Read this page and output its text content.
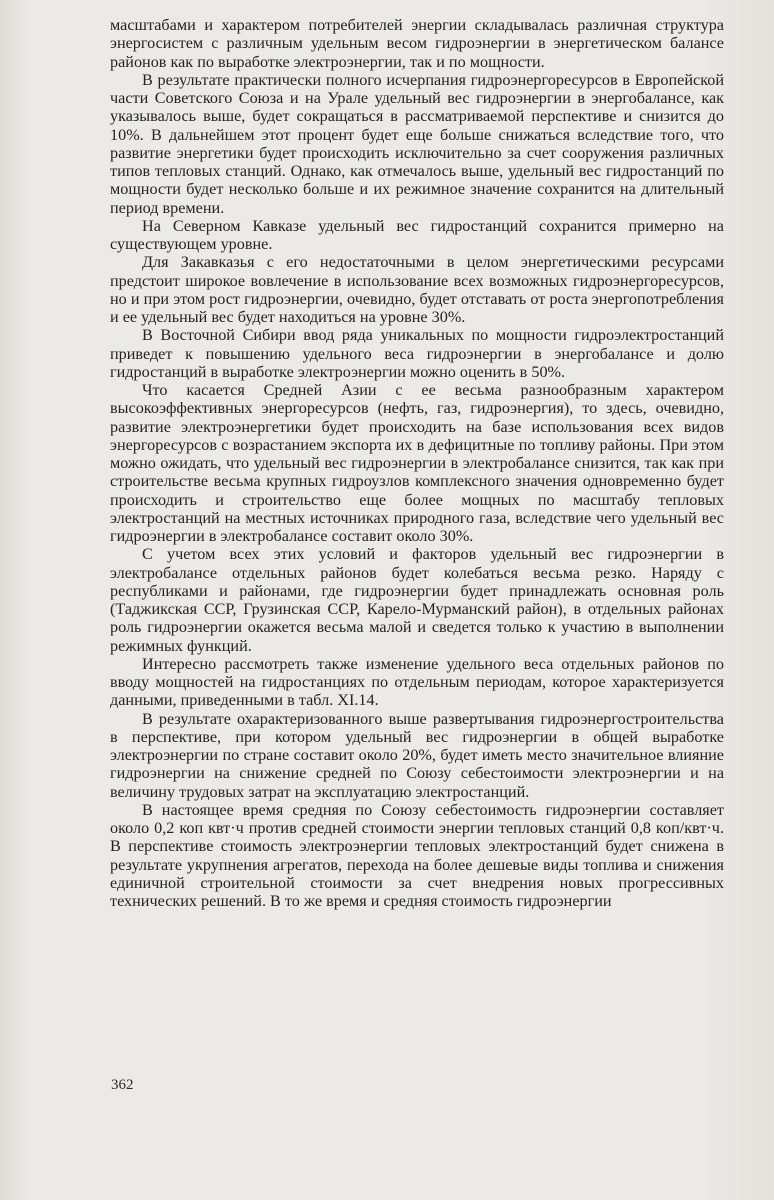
масштабами и характером потребителей энергии складывалась различная структура энергосистем с различным удельным весом гидроэнергии в энергетическом балансе районов как по выработке электроэнергии, так и по мощности.

В результате практически полного исчерпания гидроэнергоресурсов в Европейской части Советского Союза и на Урале удельный вес гидроэнергии в энергобалансе, как указывалось выше, будет сокращаться в рассматриваемой перспективе и снизится до 10%. В дальнейшем этот процент будет еще больше снижаться вследствие того, что развитие энергетики будет происходить исключительно за счет сооружения различных типов тепловых станций. Однако, как отмечалось выше, удельный вес гидростанций по мощности будет несколько больше и их режимное значение сохранится на длительный период времени.

На Северном Кавказе удельный вес гидростанций сохранится примерно на существующем уровне.

Для Закавказья с его недостаточными в целом энергетическими ресурсами предстоит широкое вовлечение в использование всех возможных гидроэнергоресурсов, но и при этом рост гидроэнергии, очевидно, будет отставать от роста энергопотребления и ее удельный вес будет находиться на уровне 30%.

В Восточной Сибири ввод ряда уникальных по мощности гидроэлектростанций приведет к повышению удельного веса гидроэнергии в энергобалансе и долю гидростанций в выработке электроэнергии можно оценить в 50%.

Что касается Средней Азии с ее весьма разнообразным характером высокоэффективных энергоресурсов (нефть, газ, гидроэнергия), то здесь, очевидно, развитие электроэнергетики будет происходить на базе использования всех видов энергоресурсов с возрастанием экспорта их в дефицитные по топливу районы. При этом можно ожидать, что удельный вес гидроэнергии в электробалансе снизится, так как при строительстве весьма крупных гидроузлов комплексного значения одновременно будет происходить и строительство еще более мощных по масштабу тепловых электростанций на местных источниках природного газа, вследствие чего удельный вес гидроэнергии в электробалансе составит около 30%.

С учетом всех этих условий и факторов удельный вес гидроэнергии в электробалансе отдельных районов будет колебаться весьма резко. Наряду с республиками и районами, где гидроэнергии будет принадлежать основная роль (Таджикская ССР, Грузинская ССР, Карело-Мурманский район), в отдельных районах роль гидроэнергии окажется весьма малой и сведется только к участию в выполнении режимных функций.

Интересно рассмотреть также изменение удельного веса отдельных районов по вводу мощностей на гидростанциях по отдельным периодам, которое характеризуется данными, приведенными в табл. XI.14.

В результате охарактеризованного выше развертывания гидроэнергостроительства в перспективе, при котором удельный вес гидроэнергии в общей выработке электроэнергии по стране составит около 20%, будет иметь место значительное влияние гидроэнергии на снижение средней по Союзу себестоимости электроэнергии и на величину трудовых затрат на эксплуатацию электростанций.

В настоящее время средняя по Союзу себестоимость гидроэнергии составляет около 0,2 коп квт·ч против средней стоимости энергии тепловых станций 0,8 коп/квт·ч. В перспективе стоимость электроэнергии тепловых электростанций будет снижена в результате укрупнения агрегатов, перехода на более дешевые виды топлива и снижения единичной строительной стоимости за счет внедрения новых прогрессивных технических решений. В то же время и средняя стоимость гидроэнергии

362
